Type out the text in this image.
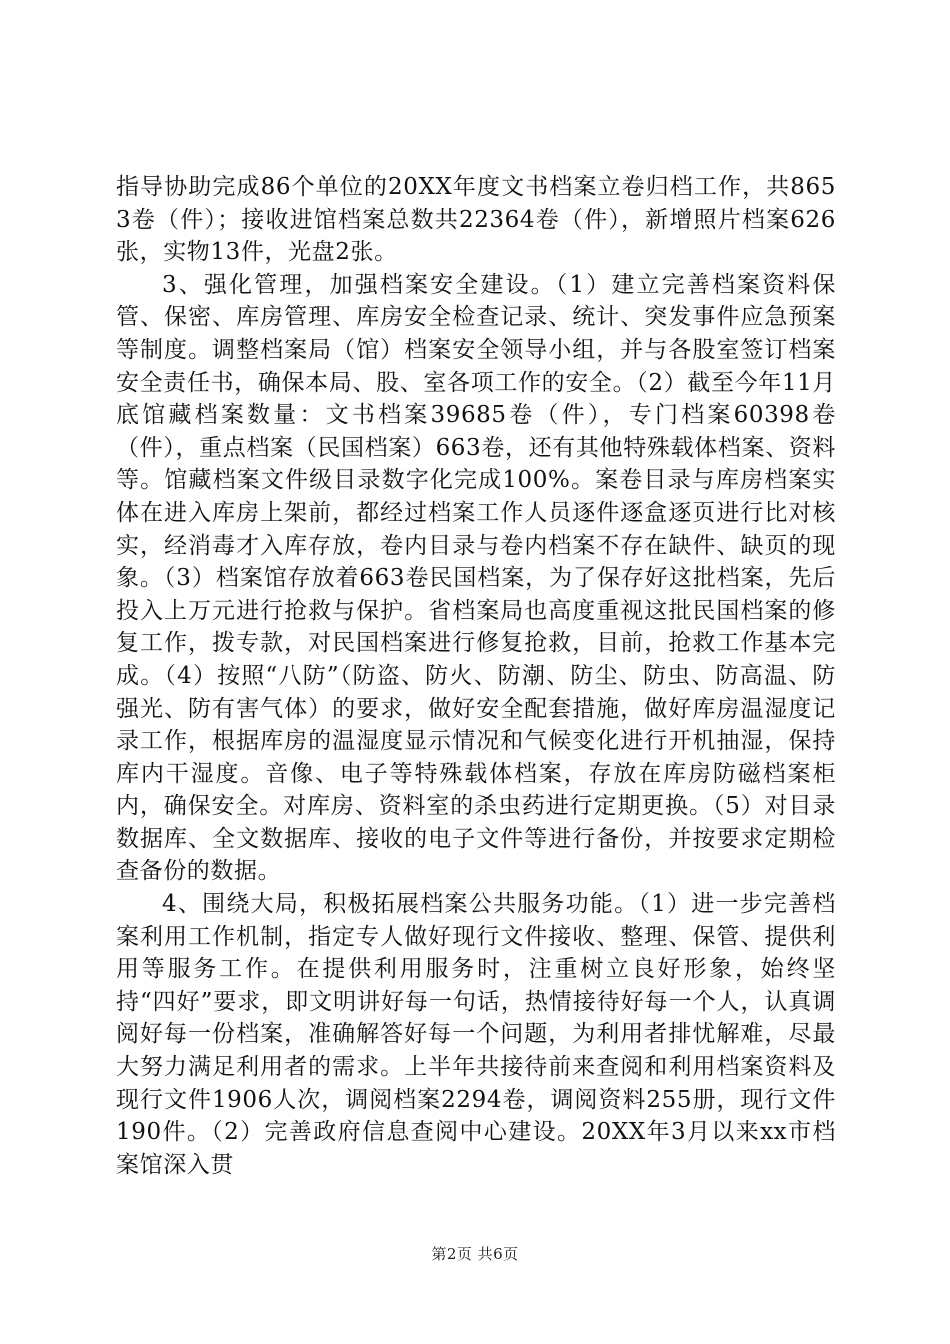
指导协助完成86个单位的20XX年度文书档案立卷归档工作，共8653卷（件）；接收进馆档案总数共22364卷（件），新增照片档案626张，实物13件，光盘2张。

3、强化管理，加强档案安全建设。（1）建立完善档案资料保管、保密、库房管理、库房安全检查记录、统计、突发事件应急预案等制度。调整档案局（馆）档案安全领导小组，并与各股室签订档案安全责任书，确保本局、股、室各项工作的安全。（2）截至今年11月底馆藏档案数量：文书档案39685卷（件），专门档案60398卷（件），重点档案（民国档案）663卷，还有其他特殊载体档案、资料等。馆藏档案文件级目录数字化完成100%。案卷目录与库房档案实体在进入库房上架前，都经过档案工作人员逐件逐盒逐页进行比对核实，经消毒才入库存放，卷内目录与卷内档案不存在缺件、缺页的现象。（3）档案馆存放着663卷民国档案，为了保存好这批档案，先后投入上万元进行抢救与保护。省档案局也高度重视这批民国档案的修复工作，拨专款，对民国档案进行修复抢救，目前，抢救工作基本完成。（4）按照“八防”（防盗、防火、防潮、防尘、防虫、防高温、防强光、防有害气体）的要求，做好安全配套措施，做好库房温湿度记录工作，根据库房的温湿度显示情况和气候变化进行开机抽湿，保持库内干湿度。音像、电子等特殊载体档案，存放在库房防磁档案柜内，确保安全。对库房、资料室的杀虫药进行定期更换。（5）对目录数据库、全文数据库、接收的电子文件等进行备份，并按要求定期检查备份的数据。

4、围绕大局，积极拓展档案公共服务功能。（1）进一步完善档案利用工作机制，指定专人做好现行文件接收、整理、保管、提供利用等服务工作。在提供利用服务时，注重树立良好形象，始终坚持“四好”要求，即文明讲好每一句话，热情接待好每一个人，认真调阅好每一份档案，准确解答好每一个问题，为利用者排忧解难，尽最大努力满足利用者的需求。上半年共接待前来查阅和利用档案资料及现行文件1906人次，调阅档案2294卷，调阅资料255册，现行文件190件。（2）完善政府信息查阅中心建设。20XX年3月以来xx市档案馆深入贯

第2页 共6页
